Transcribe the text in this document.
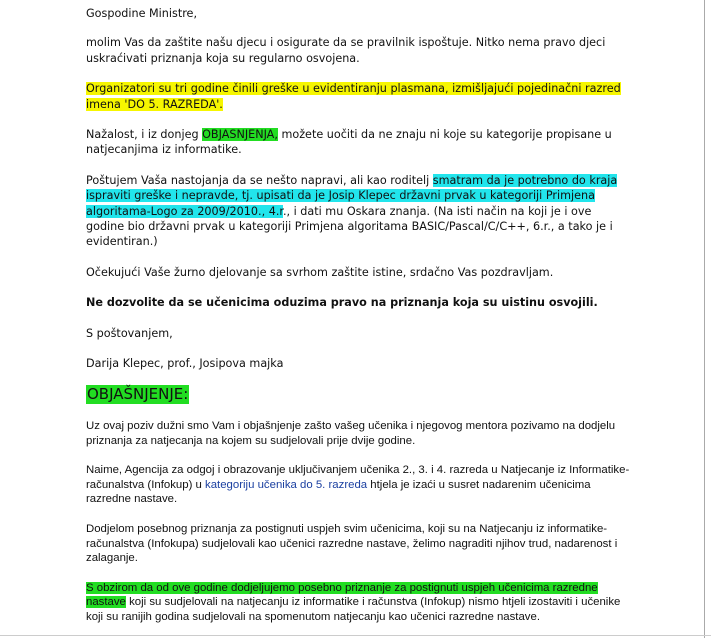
Gospodine Ministre,

molim Vas da zaštite našu djecu i osigurate da se pravilnik ispoštuje. Nitko nema pravo djeci uskraćivati priznanja koja su regularno osvojena.

Organizatori su tri godine činili greške u evidentiranju plasmana, izmišljajući pojedinačni razred imena 'DO 5. RAZREDA'.

Nažalost, i iz donjeg OBJASNJENJA, možete uočiti da ne znaju ni koje su kategorije propisane u natjecanjima iz informatike.

Poštujem Vaša nastojanja da se nešto napravi, ali kao roditelj smatram da je potrebno do kraja ispraviti greške i nepravde, tj. upisati da je Josip Klepec državni prvak u kategoriji Primjena algoritama-Logo za 2009/2010., 4.r., i dati mu Oskara znanja. (Na isti način na koji je i ove godine bio državni prvak u kategoriji Primjena algoritama BASIC/Pascal/C/C++, 6.r., a tako je i evidentiran.)

Očekujući Vaše žurno djelovanje sa svrhom zaštite istine, srdačno Vas pozdravljam.

Ne dozvolite da se učenicima oduzima pravo na priznanja koja su uistinu osvojili.

S poštovanjem,

Darija Klepec, prof., Josipova majka

OBJAŠNJENJE:

Uz ovaj poziv dužni smo Vam i objašnjenje zašto vašeg učenika i njegovog mentora pozivamo na dodjelu priznanja za natjecanja na kojem su sudjelovali prije dvije godine.

Naime, Agencija za odgoj i obrazovanje uključivanjem učenika 2., 3. i 4. razreda u Natjecanje iz Informatike-računalstva (Infokup) u kategoriju učenika do 5. razreda htjela je izaći u susret nadarenim učenicima razredne nastave.

Dodjelom posebnog priznanja za postignuti uspjeh svim učenicima, koji su na Natjecanju iz informatike-računalstva (Infokupa) sudjelovali kao učenici razredne nastave, želimo nagraditi njihov trud, nadarenost i zalaganje.

S obzirom da od ove godine dodjeljujemo posebno priznanje za postignuti uspjeh učenicima razredne nastave koji su sudjelovali na natjecanju iz informatike i računstva (Infokup) nismo htjeli izostaviti i učenike koji su ranijih godina sudjelovali na spomenutom natjecanju kao učenici razredne nastave.
